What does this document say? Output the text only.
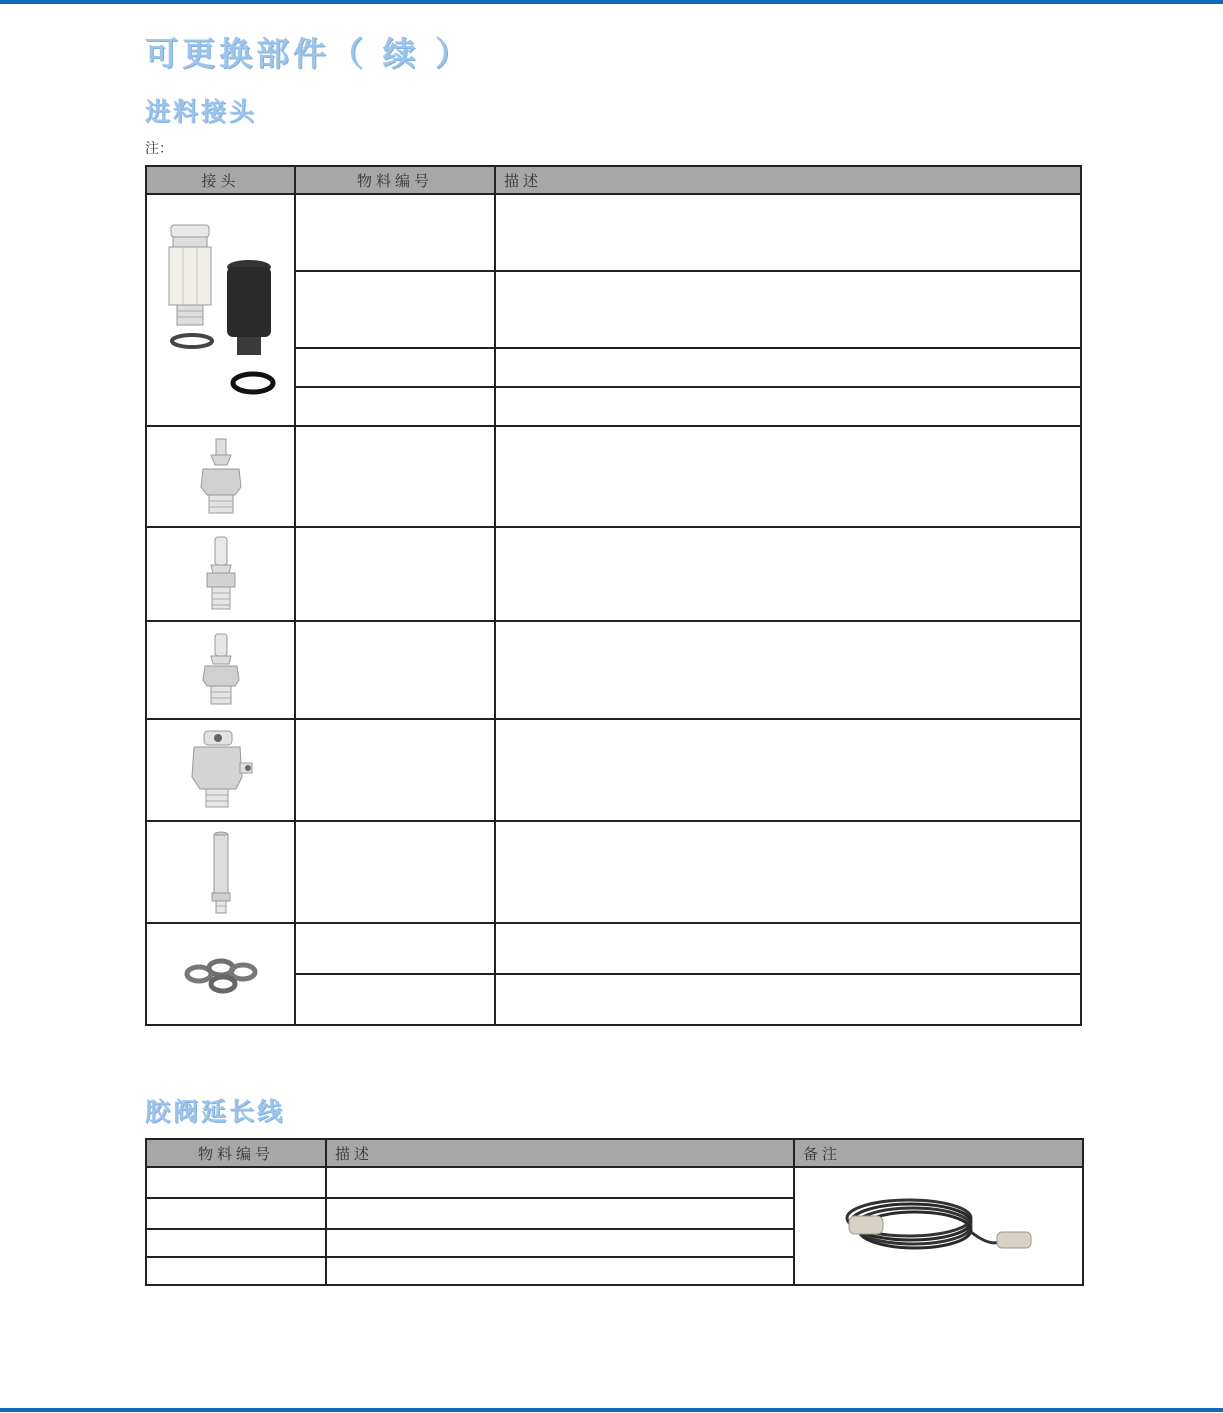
可更换部件（ 续 ）
进料接头
注：
接头	物料编号	描述

胶阀延长线
物料编号	描述	备注
